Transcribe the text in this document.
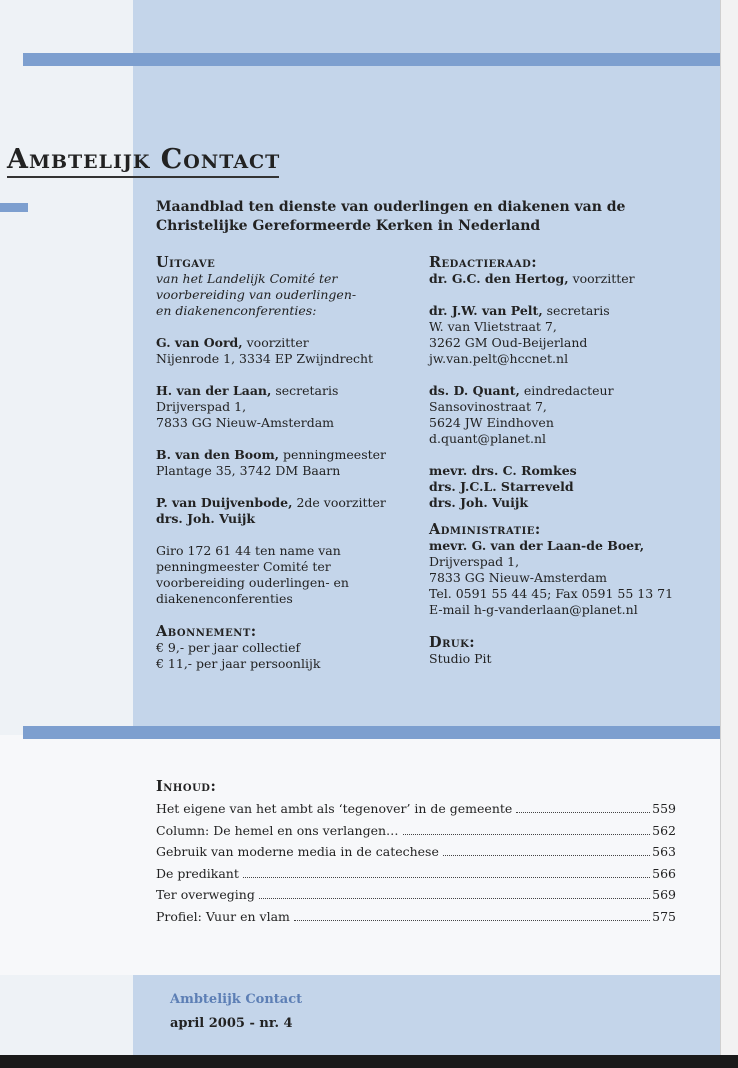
Ambtelijk Contact
Maandblad ten dienste van ouderlingen en diakenen van de Christelijke Gereformeerde Kerken in Nederland
Uitgave
van het Landelijk Comité ter
voorbereiding van ouderlingen-
en diakenenconferenties:
G. van Oord, voorzitter
Nijenrode 1, 3334 EP Zwijndrecht
H. van der Laan, secretaris
Drijverspad 1,
7833 GG Nieuw-Amsterdam
B. van den Boom, penningmeester
Plantage 35, 3742 DM Baarn
P. van Duijvenbode, 2de voorzitter
drs. Joh. Vuijk
Giro 172 61 44 ten name van
penningmeester Comité ter
voorbereiding ouderlingen- en
diakenenconferenties
Abonnement:
€ 9,- per jaar collectief
€ 11,- per jaar persoonlijk
Redactieraad:
dr. G.C. den Hertog, voorzitter
dr. J.W. van Pelt, secretaris
W. van Vlietstraat 7,
3262 GM Oud-Beijerland
jw.van.pelt@hccnet.nl
ds. D. Quant, eindredacteur
Sansovinostraat 7,
5624 JW Eindhoven
d.quant@planet.nl
mevr. drs. C. Romkes
drs. J.C.L. Starreveld
drs. Joh. Vuijk
Administratie:
mevr. G. van der Laan-de Boer,
Drijverspad 1,
7833 GG Nieuw-Amsterdam
Tel. 0591 55 44 45; Fax 0591 55 13 71
E-mail h-g-vanderlaan@planet.nl
Druk:
Studio Pit
Inhoud:
Het eigene van het ambt als ‘tegenover’ in de gemeente	559
Column: De hemel en ons verlangen…	562
Gebruik van moderne media in de catechese	563
De predikant	566
Ter overweging	569
Profiel: Vuur en vlam	575
Ambtelijk Contact
april 2005 - nr. 4
